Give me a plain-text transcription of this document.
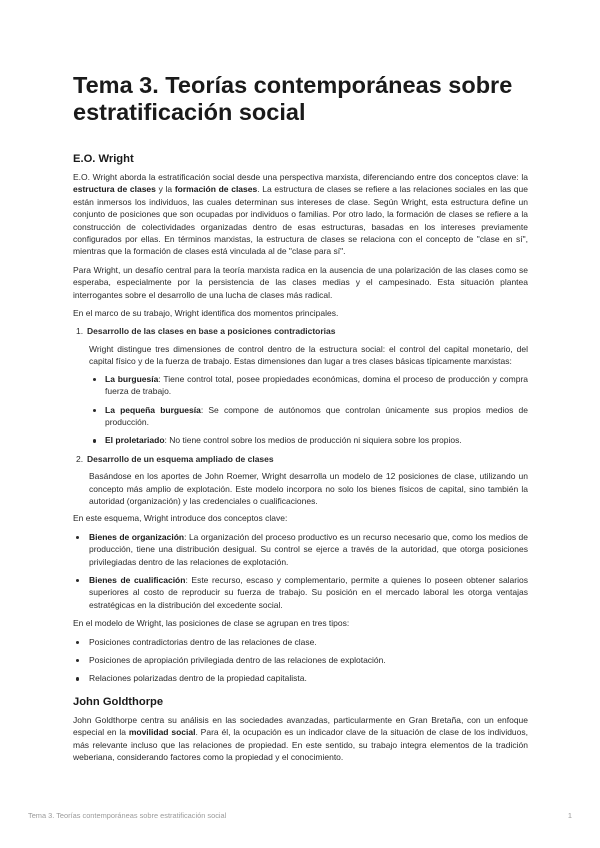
Tema 3. Teorías contemporáneas sobre estratificación social
E.O. Wright

E.O. Wright aborda la estratificación social desde una perspectiva marxista, diferenciando entre dos conceptos clave: la estructura de clases y la formación de clases. La estructura de clases se refiere a las relaciones sociales en las que están inmersos los individuos, las cuales determinan sus intereses de clase. Según Wright, esta estructura define un conjunto de posiciones que son ocupadas por individuos o familias. Por otro lado, la formación de clases se refiere a la construcción de colectividades organizadas dentro de esas estructuras, basadas en los intereses previamente configurados por ellas. En términos marxistas, la estructura de clases se relaciona con el concepto de "clase en sí", mientras que la formación de clases está vinculada al de "clase para sí".

Para Wright, un desafío central para la teoría marxista radica en la ausencia de una polarización de las clases como se esperaba, especialmente por la persistencia de las clases medias y el campesinado. Esta situación plantea interrogantes sobre el desarrollo de una lucha de clases más radical.

En el marco de su trabajo, Wright identifica dos momentos principales.

1. Desarrollo de las clases en base a posiciones contradictorias

Wright distingue tres dimensiones de control dentro de la estructura social: el control del capital monetario, del capital físico y de la fuerza de trabajo. Estas dimensiones dan lugar a tres clases básicas típicamente marxistas:

La burguesía: Tiene control total, posee propiedades económicas, domina el proceso de producción y compra fuerza de trabajo.
La pequeña burguesía: Se compone de autónomos que controlan únicamente sus propios medios de producción.
El proletariado: No tiene control sobre los medios de producción ni siquiera sobre los propios.
2. Desarrollo de un esquema ampliado de clases

Basándose en los aportes de John Roemer, Wright desarrolla un modelo de 12 posiciones de clase, utilizando un concepto más amplio de explotación. Este modelo incorpora no solo los bienes físicos de capital, sino también la autoridad (organización) y las credenciales o cualificaciones.

En este esquema, Wright introduce dos conceptos clave:

Bienes de organización: La organización del proceso productivo es un recurso necesario que, como los medios de producción, tiene una distribución desigual. Su control se ejerce a través de la autoridad, que otorga posiciones privilegiadas dentro de las relaciones de explotación.
Bienes de cualificación: Este recurso, escaso y complementario, permite a quienes lo poseen obtener salarios superiores al costo de reproducir su fuerza de trabajo. Su posición en el mercado laboral les otorga ventajas estratégicas en la distribución del excedente social.

En el modelo de Wright, las posiciones de clase se agrupan en tres tipos:

Posiciones contradictorias dentro de las relaciones de clase.
Posiciones de apropiación privilegiada dentro de las relaciones de explotación.
Relaciones polarizadas dentro de la propiedad capitalista.
John Goldthorpe

John Goldthorpe centra su análisis en las sociedades avanzadas, particularmente en Gran Bretaña, con un enfoque especial en la movilidad social. Para él, la ocupación es un indicador clave de la situación de clase de los individuos, más relevante incluso que las relaciones de propiedad. En este sentido, su trabajo integra elementos de la tradición weberiana, considerando factores como la propiedad y el conocimiento.

Tema 3. Teorías contemporáneas sobre estratificación social	1
